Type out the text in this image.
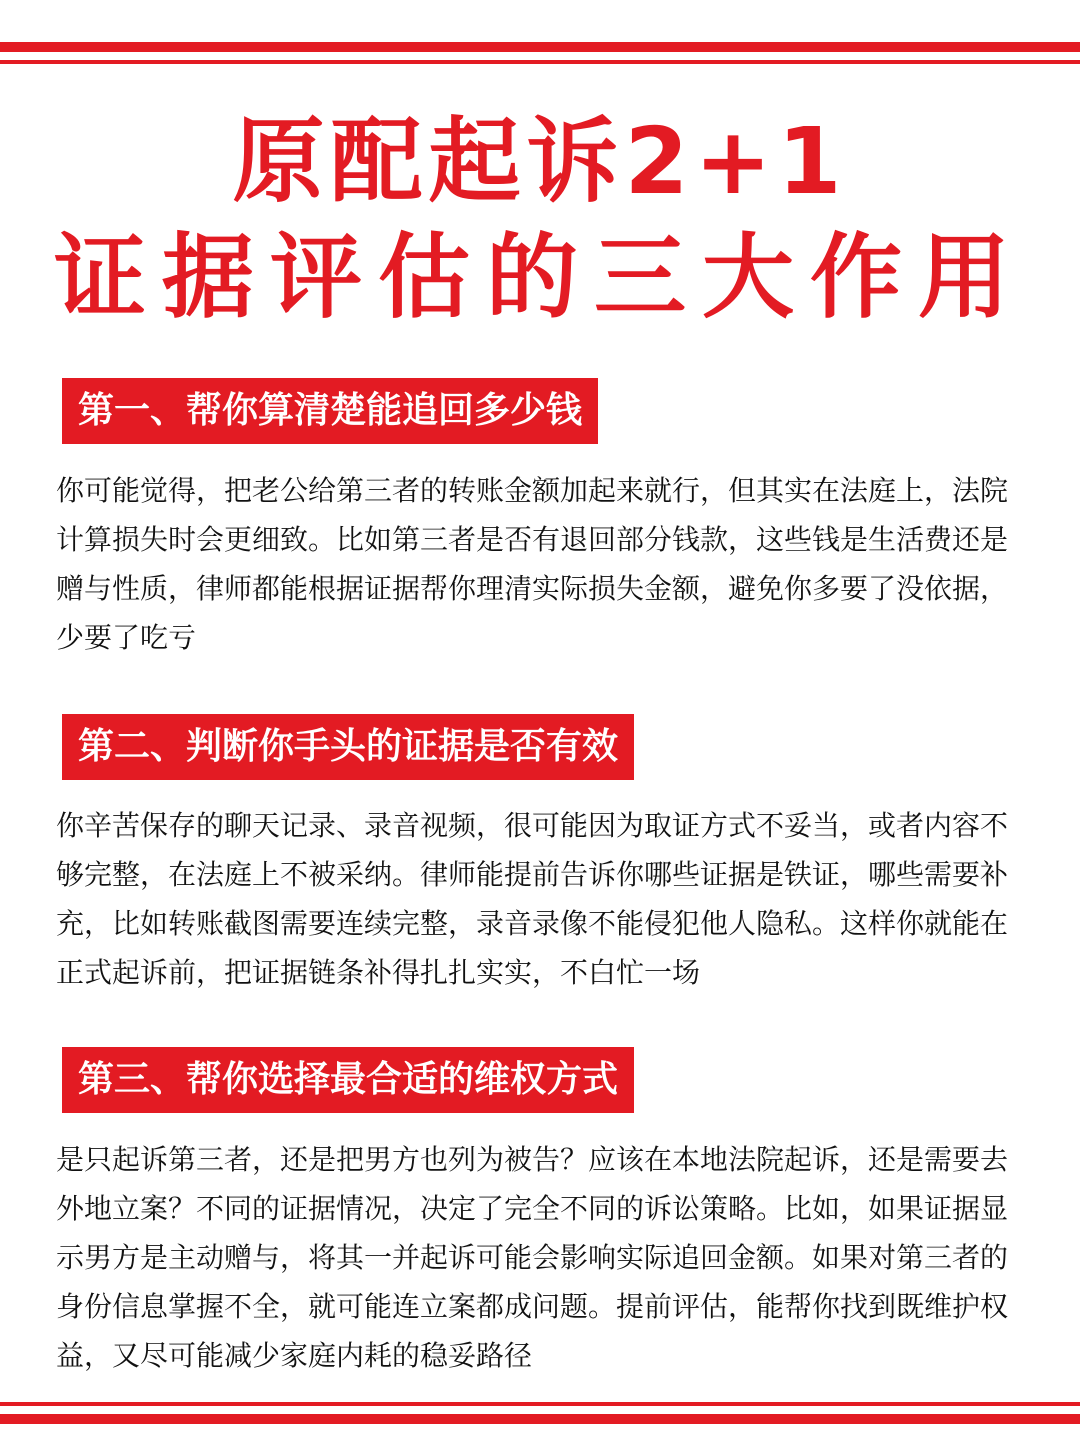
原配起诉2+1
证据评估的三大作用
第一、帮你算清楚能追回多少钱

你可能觉得，把老公给第三者的转账金额加起来就行，但其实在法庭上，法院计算损失时会更细致。比如第三者是否有退回部分钱款，这些钱是生活费还是赠与性质，律师都能根据证据帮你理清实际损失金额，避免你多要了没依据，少要了吃亏

第二、判断你手头的证据是否有效

你辛苦保存的聊天记录、录音视频，很可能因为取证方式不妥当，或者内容不够完整，在法庭上不被采纳。律师能提前告诉你哪些证据是铁证，哪些需要补充，比如转账截图需要连续完整，录音录像不能侵犯他人隐私。这样你就能在正式起诉前，把证据链条补得扎扎实实，不白忙一场

第三、帮你选择最合适的维权方式

是只起诉第三者，还是把男方也列为被告？应该在本地法院起诉，还是需要去外地立案？不同的证据情况，决定了完全不同的诉讼策略。比如，如果证据显示男方是主动赠与，将其一并起诉可能会影响实际追回金额。如果对第三者的身份信息掌握不全，就可能连立案都成问题。提前评估，能帮你找到既维护权益，又尽可能减少家庭内耗的稳妥路径
